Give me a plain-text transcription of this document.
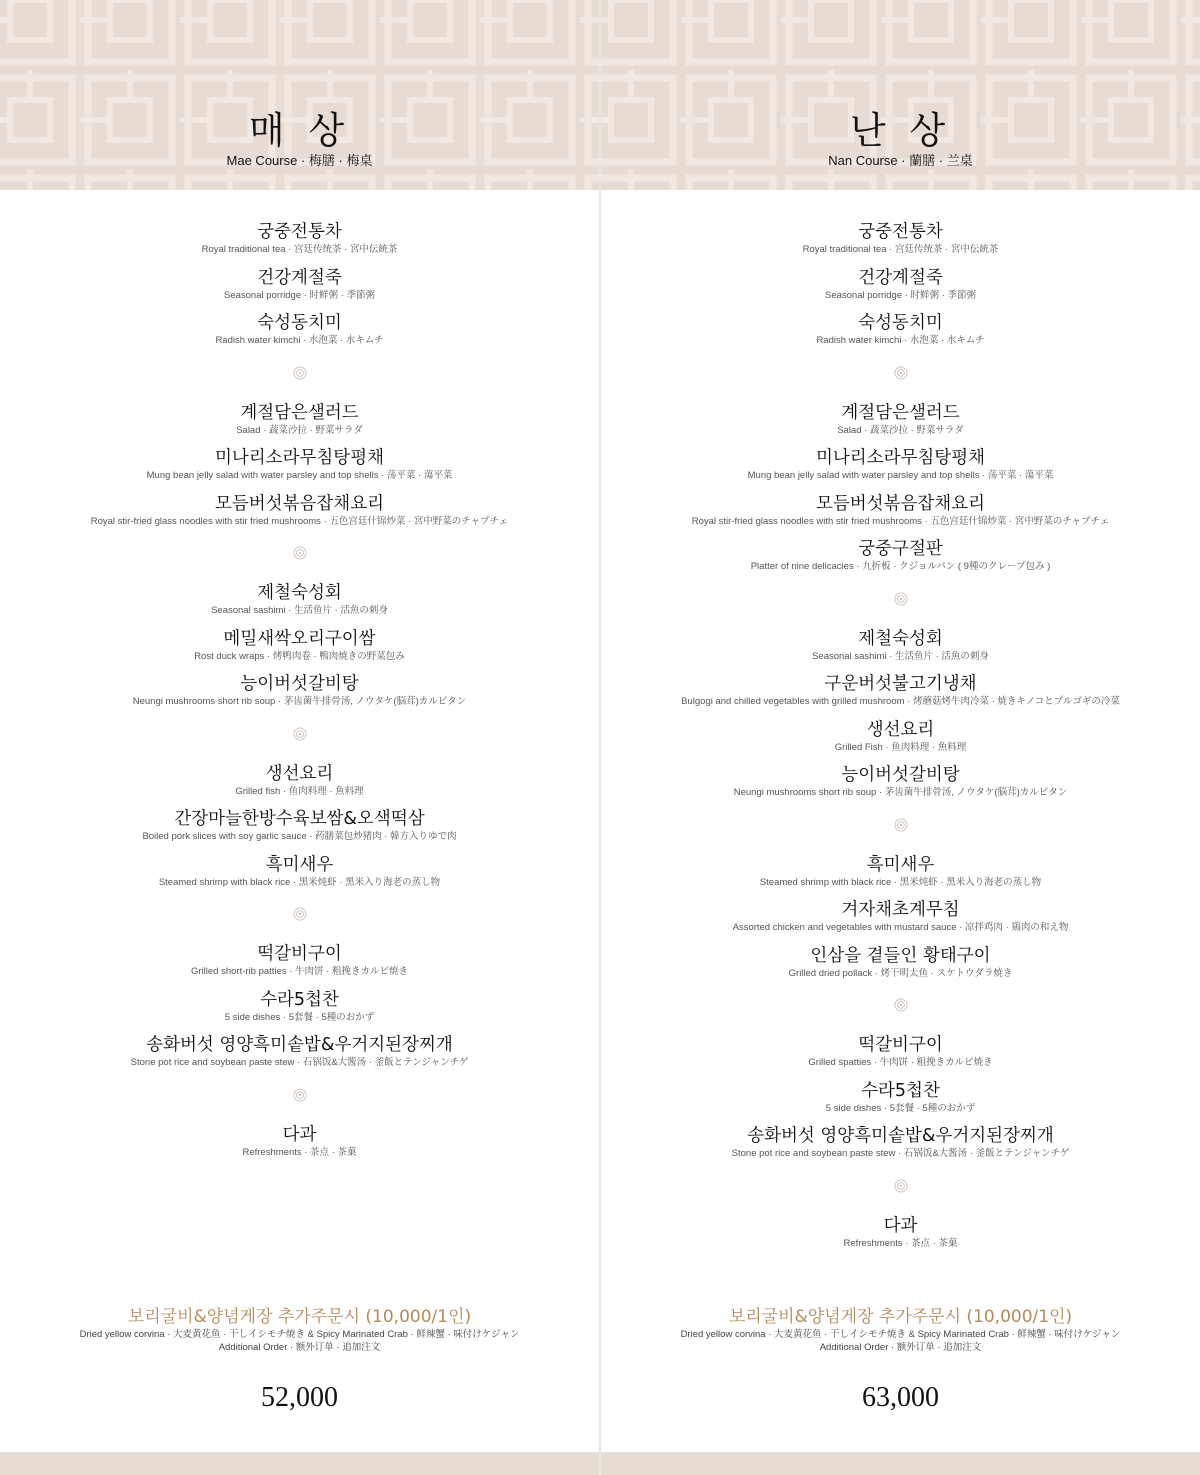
매 상
Mae Course · 梅膳 · 梅桌
궁중전통차
Royal traditional tea · 宫廷传统茶 · 宮中伝統茶
건강계절죽
Seasonal porridge · 时鲜粥 · 季節粥
숙성동치미
Radish water kimchi · 水泡菜 · 水キムチ
계절담은샐러드
Salad · 蔬菜沙拉 · 野菜サラダ
미나리소라무침탕평채
Mung bean jelly salad with water parsley and top shells · 荡平菜 · 蕩平菜
모듬버섯볶음잡채요리
Royal stir-fried glass noodles with stir fried mushrooms · 五色宫廷什锦炒菜 · 宮中野菜のチャプチェ
제철숙성회
Seasonal sashimi · 生活鱼片 · 活魚の刺身
메밀새싹오리구이쌈
Rost duck wraps · 烤鸭肉卷 · 鴨肉焼きの野菜包み
능이버섯갈비탕
Neungi mushrooms short rib soup · 茅齿菌牛排骨汤, ノウタケ(脳茸)カルビタン
생선요리
Grilled fish · 鱼肉料理 · 魚料理
간장마늘한방수육보쌈&오색떡삼
Boiled pork slices with soy garlic sauce · 药膳菜包炒猪肉 · 韓方入りゆで肉
흑미새우
Steamed shrimp with black rice · 黑米炖虾 · 黑米入り海老の蒸し物
떡갈비구이
Grilled short-rib patties · 牛肉饼 · 粗挽きカルビ焼き
수라5첩찬
5 side dishes · 5套餐 · 5種のおかず
송화버섯 영양흑미솥밥&우거지된장찌개
Stone pot rice and soybean paste stew · 石锅饭&大酱汤 · 釜飯とテンジャンチゲ
다과
Refreshments · 茶点 · 茶菓
보리굴비&양념게장 추가주문시 (10,000/1인)
Dried yellow corvina · 大麦黄花鱼 · 干しイシモチ焼き & Spicy Marinated Crab · 鲜辣蟹 · 味付けケジャン
Additional Order · 额外订单 · 追加注文
52,000
난 상
Nan Course · 蘭膳 · 兰桌
궁중전통차
Royal traditional tea · 宫廷传统茶 · 宮中伝統茶
건강계절죽
Seasonal porridge · 时鲜粥 · 季節粥
숙성동치미
Radish water kimchi · 水泡菜 · 水キムチ
계절담은샐러드
Salad · 蔬菜沙拉 · 野菜サラダ
미나리소라무침탕평채
Mung bean jelly salad with water parsley and top shells · 荡平菜 · 蕩平菜
모듬버섯볶음잡채요리
Royal stir-fried glass noodles with stir fried mushrooms · 五色宫廷什锦炒菜 · 宮中野菜のチャプチェ
궁중구절판
Platter of nine delicacies · 九折板 · クジョルパン ( 9種のクレープ包み )
제철숙성회
Seasonal sashimi · 生活鱼片 · 活魚の刺身
구운버섯불고기냉채
Bulgogi and chilled vegetables with grilled mushroom · 烤蘑菇烤牛肉冷菜 · 焼きキノコとプルゴギの冷菜
생선요리
Grilled Fish · 鱼肉料理 · 魚料理
능이버섯갈비탕
Neungi mushrooms short rib soup · 茅齿菌牛排骨汤, ノウタケ(脳茸)カルビタン
흑미새우
Steamed shrimp with black rice · 黑米炖虾 · 黑米入り海老の蒸し物
겨자채초계무침
Assorted chicken and vegetables with mustard sauce · 凉拌鸡肉 · 鶏肉の和え物
인삼을 곁들인 황태구이
Grilled dried pollack · 烤干明太鱼 · スケトウダラ焼き
떡갈비구이
Grilled spatties · 牛肉饼 · 粗挽きカルビ焼き
수라5첩찬
5 side dishes · 5套餐 · 5種のおかず
송화버섯 영양흑미솥밥&우거지된장찌개
Stone pot rice and soybean paste stew · 石锅饭&大酱汤 · 釜飯とテンジャンチゲ
다과
Refreshments · 茶点 · 茶菓
보리굴비&양념게장 추가주문시 (10,000/1인)
Dried yellow corvina · 大麦黄花鱼 · 干しイシモチ焼き & Spicy Marinated Crab · 鲜辣蟹 · 味付けケジャン
Additional Order · 额外订单 · 追加注文
63,000
